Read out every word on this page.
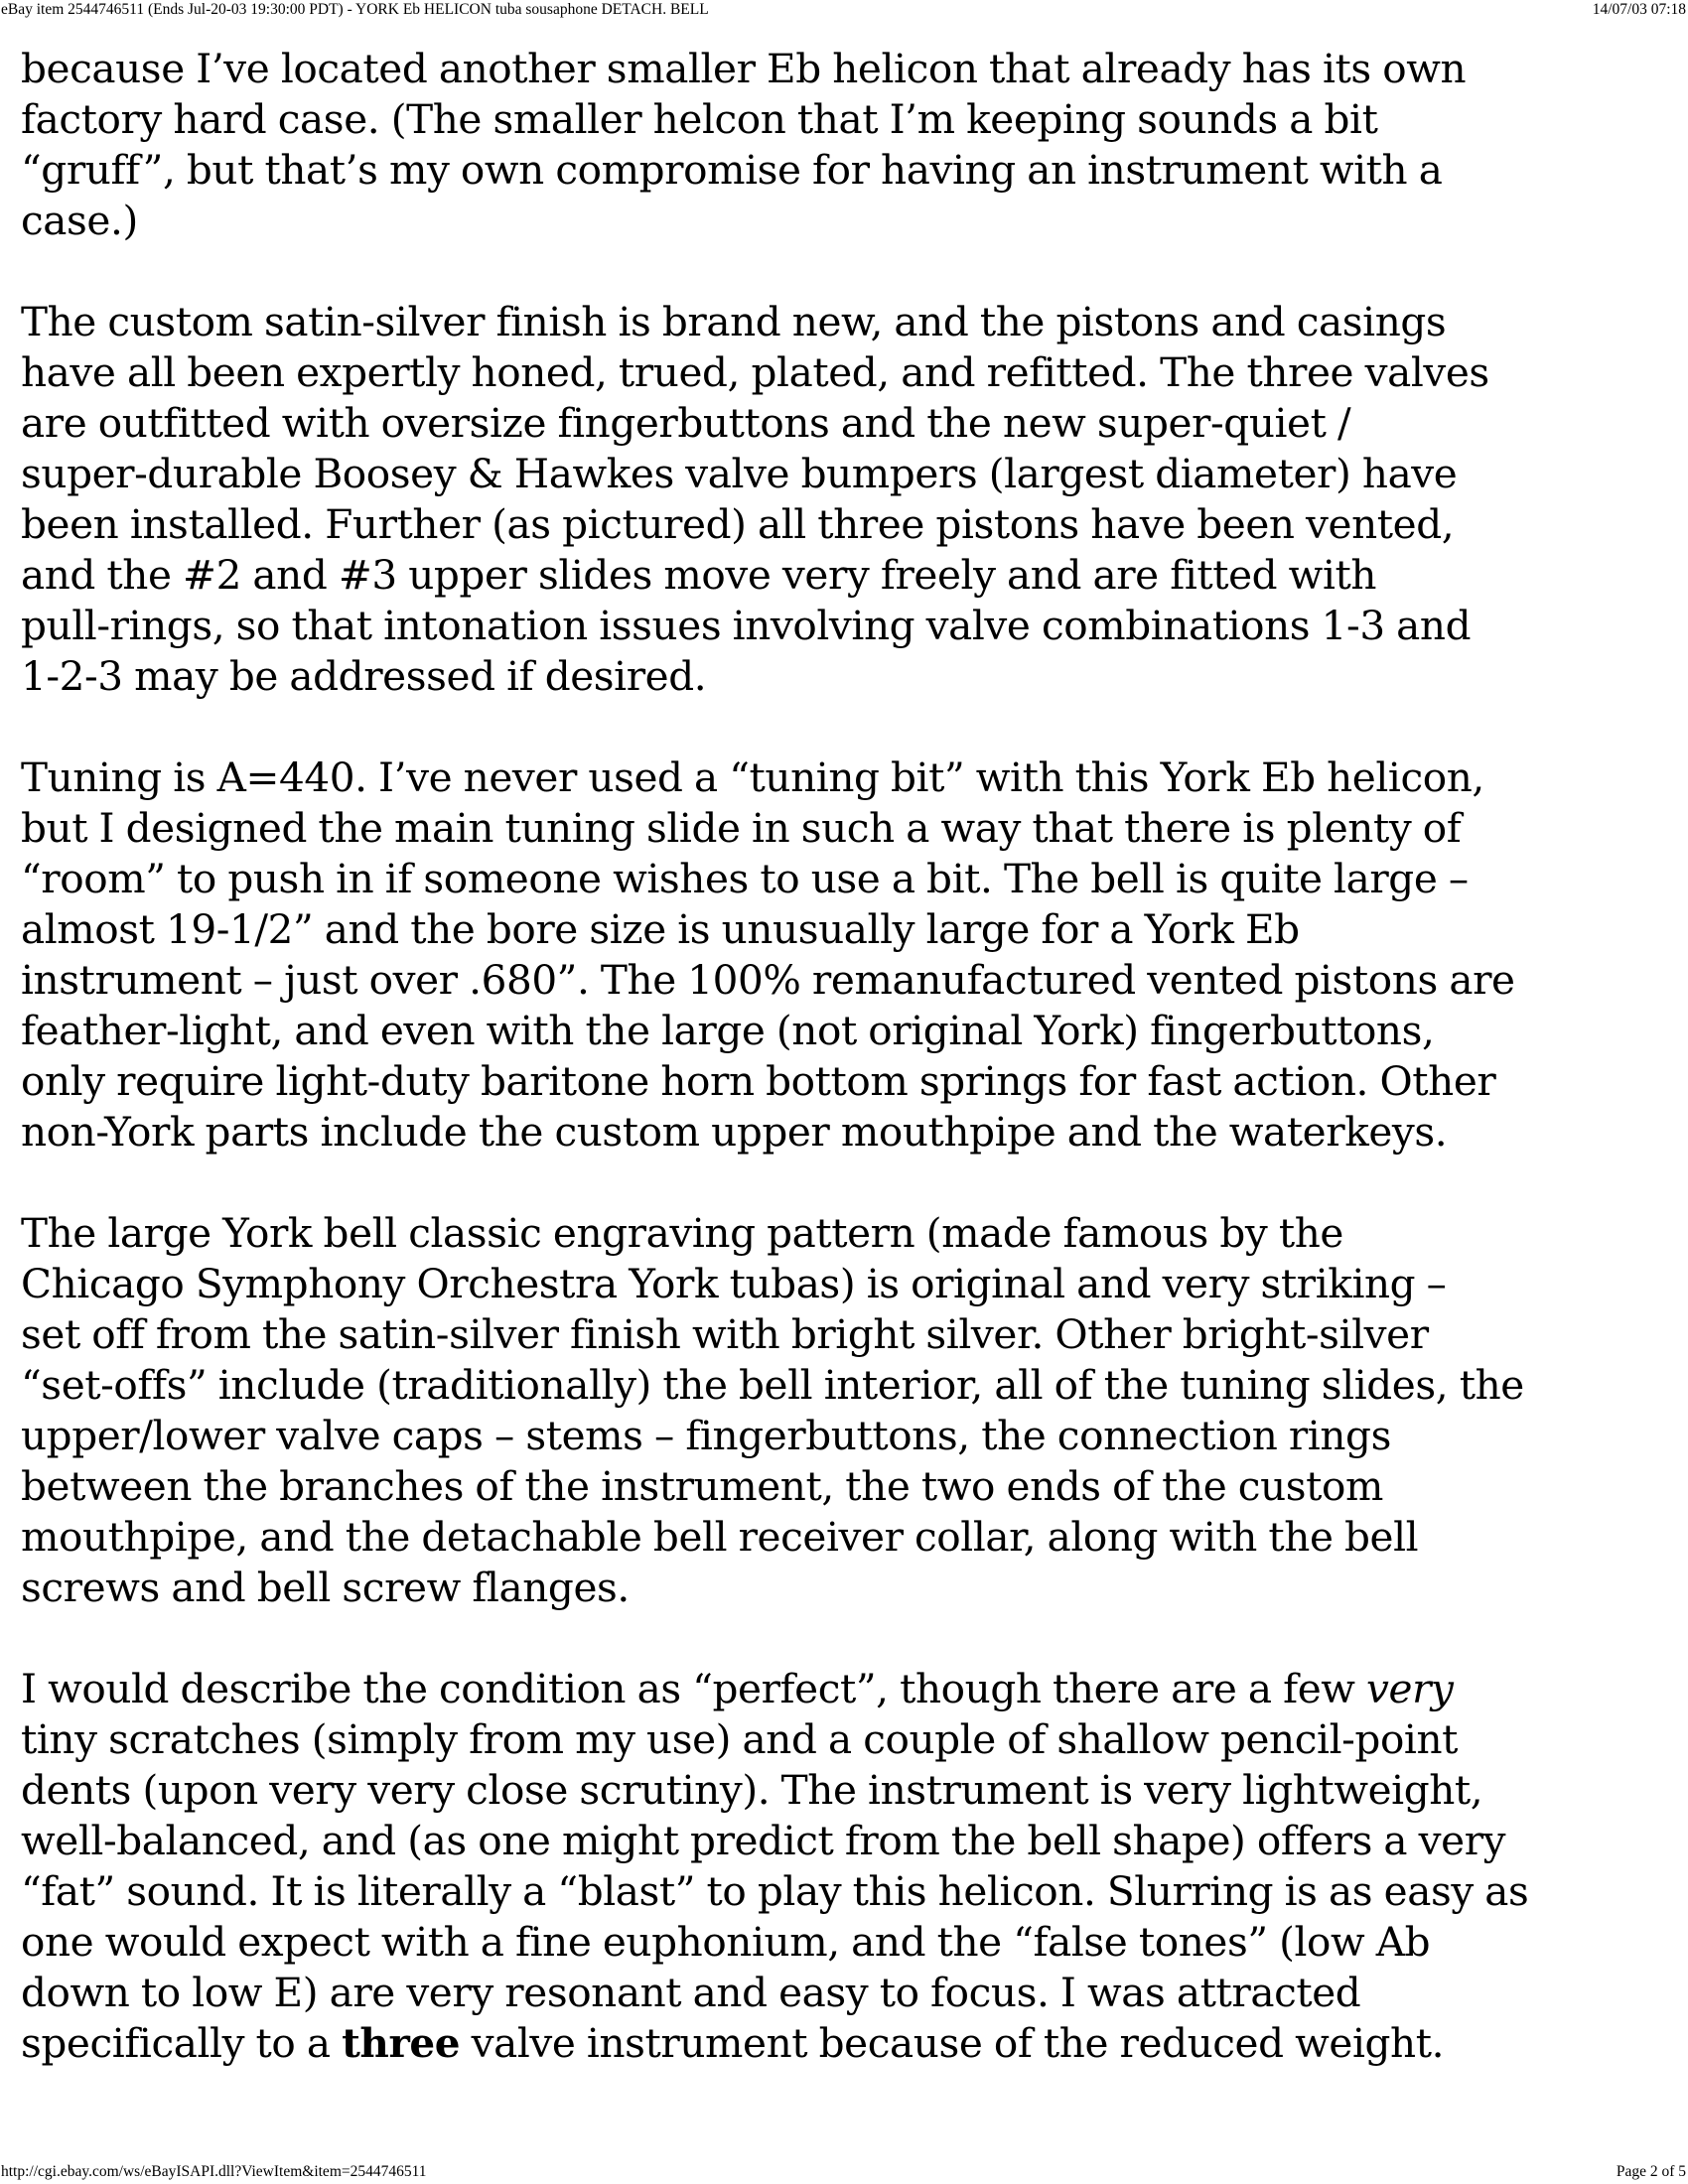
eBay item 2544746511 (Ends Jul-20-03 19:30:00 PDT) - YORK Eb HELICON tuba sousaphone DETACH. BELL	14/07/03 07:18

because I’ve located another smaller Eb helicon that already has its own
factory hard case. (The smaller helcon that I’m keeping sounds a bit
“gruff”, but that’s my own compromise for having an instrument with a
case.)

The custom satin-silver finish is brand new, and the pistons and casings
have all been expertly honed, trued, plated, and refitted. The three valves
are outfitted with oversize fingerbuttons and the new super-quiet /
super-durable Boosey & Hawkes valve bumpers (largest diameter) have
been installed. Further (as pictured) all three pistons have been vented,
and the #2 and #3 upper slides move very freely and are fitted with
pull-rings, so that intonation issues involving valve combinations 1-3 and
1-2-3 may be addressed if desired.

Tuning is A=440. I’ve never used a “tuning bit” with this York Eb helicon,
but I designed the main tuning slide in such a way that there is plenty of
“room” to push in if someone wishes to use a bit. The bell is quite large –
almost 19-1/2” and the bore size is unusually large for a York Eb
instrument – just over .680”. The 100% remanufactured vented pistons are
feather-light, and even with the large (not original York) fingerbuttons,
only require light-duty baritone horn bottom springs for fast action. Other
non-York parts include the custom upper mouthpipe and the waterkeys.

The large York bell classic engraving pattern (made famous by the
Chicago Symphony Orchestra York tubas) is original and very striking –
set off from the satin-silver finish with bright silver. Other bright-silver
“set-offs” include (traditionally) the bell interior, all of the tuning slides, the
upper/lower valve caps – stems – fingerbuttons, the connection rings
between the branches of the instrument, the two ends of the custom
mouthpipe, and the detachable bell receiver collar, along with the bell
screws and bell screw flanges.

I would describe the condition as “perfect”, though there are a few very
tiny scratches (simply from my use) and a couple of shallow pencil-point
dents (upon very very close scrutiny). The instrument is very lightweight,
well-balanced, and (as one might predict from the bell shape) offers a very
“fat” sound. It is literally a “blast” to play this helicon. Slurring is as easy as
one would expect with a fine euphonium, and the “false tones” (low Ab
down to low E) are very resonant and easy to focus. I was attracted
specifically to a three valve instrument because of the reduced weight.

http://cgi.ebay.com/ws/eBayISAPI.dll?ViewItem&item=2544746511	Page 2 of 5
